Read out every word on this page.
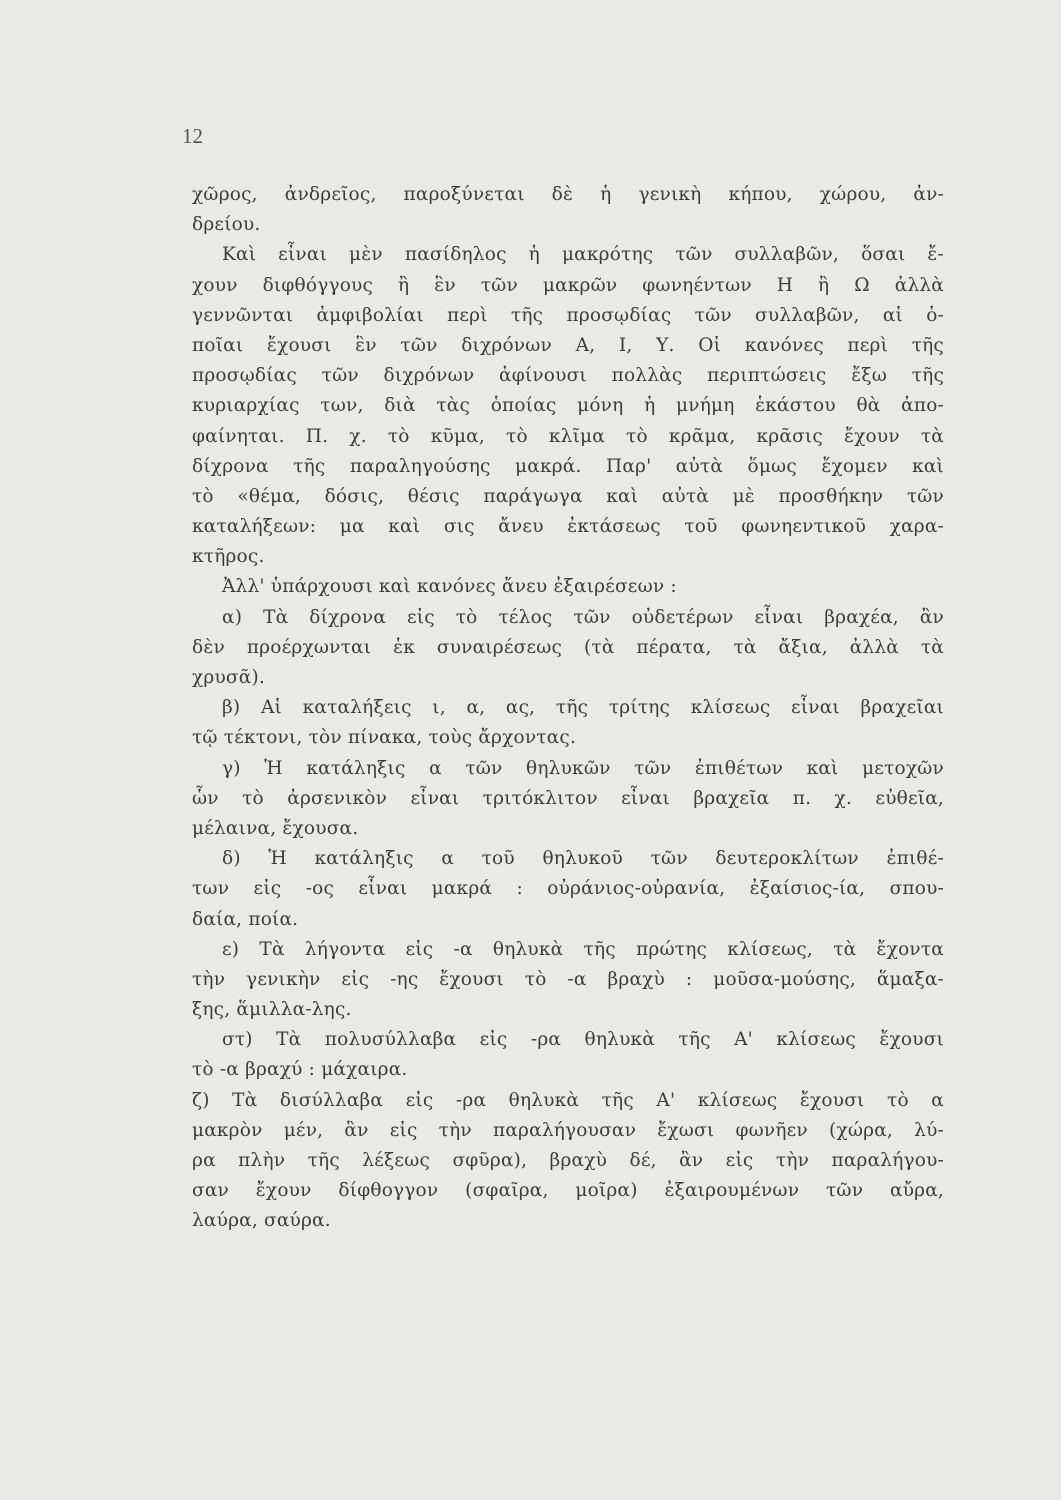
12
χῶρος, ἀνδρεῖος, παροξύνεται δὲ ἡ γενικὴ κήπου, χώρου, ἀν-
δρείου.
Καὶ εἶναι μὲν πασίδηλος ἡ μακρότης τῶν συλλαβῶν, ὅσαι ἔ-
χουν διφθόγγους ἢ ἓν τῶν μακρῶν φωνηέντων Η ἢ Ω ἀλλὰ
γεννῶνται ἀμφιβολίαι περὶ τῆς προσῳδίας τῶν συλλαβῶν, αἱ ὁ-
ποῖαι ἔχουσι ἓν τῶν διχρόνων Α, Ι, Υ. Οἱ κανόνες περὶ τῆς
προσῳδίας τῶν διχρόνων ἀφίνουσι πολλὰς περιπτώσεις ἔξω τῆς
κυριαρχίας των, διὰ τὰς ὁποίας μόνη ἡ μνήμη ἑκάστου θὰ ἀπο-
φαίνηται. Π. χ. τὸ κῦμα, τὸ κλῖμα τὸ κρᾶμα, κρᾶσις ἔχουν τὰ
δίχρονα τῆς παραληγούσης μακρά. Παρ' αὐτὰ ὅμως ἔχομεν καὶ
τὸ «θέμα, δόσις, θέσις παράγωγα καὶ αὐτὰ μὲ προσθήκην τῶν
καταλήξεων: μα καὶ σις ἄνευ ἐκτάσεως τοῦ φωνηεντικοῦ χαρα-
κτῆρος.
Ἀλλ' ὑπάρχουσι καὶ κανόνες ἄνευ ἐξαιρέσεων :
α) Τὰ δίχρονα εἰς τὸ τέλος τῶν οὐδετέρων εἶναι βραχέα, ἂν
δὲν προέρχωνται ἐκ συναιρέσεως (τὰ πέρατα, τὰ ἄξια, ἀλλὰ τὰ
χρυσᾶ).
β) Αἱ καταλήξεις ι, α, ας, τῆς τρίτης κλίσεως εἶναι βραχεῖαι
τῷ τέκτονι, τὸν πίνακα, τοὺς ἄρχοντας.
γ) Ἡ κατάληξις α τῶν θηλυκῶν τῶν ἐπιθέτων καὶ μετοχῶν
ὧν τὸ ἀρσενικὸν εἶναι τριτόκλιτον εἶναι βραχεῖα π. χ. εὐθεῖα,
μέλαινα, ἔχουσα.
δ) Ἡ κατάληξις α τοῦ θηλυκοῦ τῶν δευτεροκλίτων ἐπιθέ-
των εἰς -ος εἶναι μακρά : οὐράνιος-οὐρανία, ἐξαίσιος-ία, σπου-
δαία, ποία.
ε) Τὰ λήγοντα εἰς -α θηλυκὰ τῆς πρώτης κλίσεως, τὰ ἔχοντα
τὴν γενικὴν εἰς -ης ἔχουσι τὸ -α βραχὺ : μοῦσα-μούσης, ἅμαξα-
ξης, ἅμιλλα-λης.
στ) Τὰ πολυσύλλαβα εἰς -ρα θηλυκὰ τῆς Α' κλίσεως ἔχουσι
τὸ -α βραχύ : μάχαιρα.
ζ) Τὰ δισύλλαβα εἰς -ρα θηλυκὰ τῆς Α' κλίσεως ἔχουσι τὸ α
μακρὸν μέν, ἂν εἰς τὴν παραλήγουσαν ἔχωσι φωνῆεν (χώρα, λύ-
ρα πλὴν τῆς λέξεως σφῦρα), βραχὺ δέ, ἂν εἰς τὴν παραλήγου-
σαν ἔχουν δίφθογγον (σφαῖρα, μοῖρα) ἐξαιρουμένων τῶν αὔρα,
λαύρα, σαύρα.
